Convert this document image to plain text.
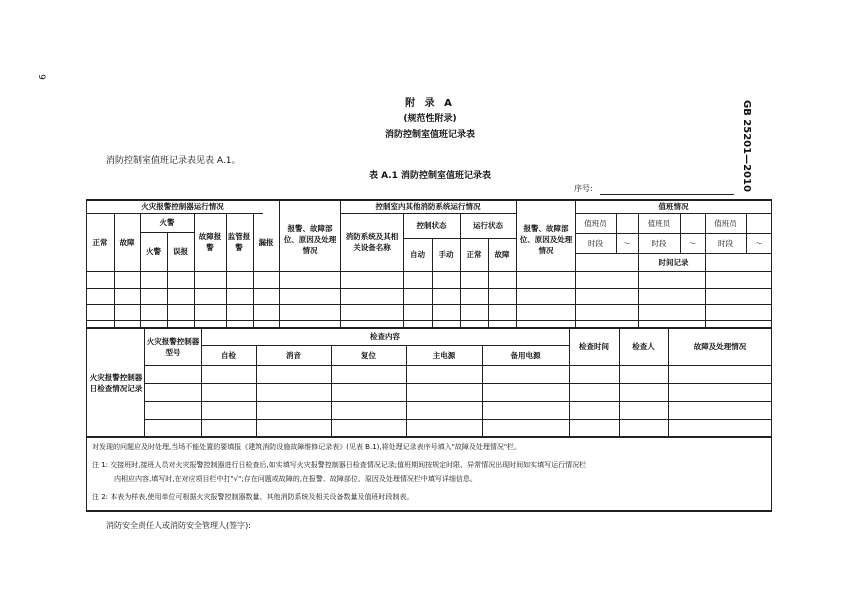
9
GB 25201—2010
附 录 A
(规范性附录)
消防控制室值班记录表
消防控制室值班记录表见表 A.1。
表 A.1 消防控制室值班记录表
序号:
火灾报警控制器运行情况
正常	故障
火警
火警	误报
故障报警
监管报警
漏报
报警、故障部位、原因及处理情况
控制室内其他消防系统运行情况
消防系统及其相关设备名称
控制状态
自动	手动
运行状态
正常	故障
报警、故障部位、原因及处理情况
值班情况
值班员	值班员	值班员
时段	～	时段	～	时段	～
时间记录
火灾报警控制器日检查情况记录
火灾报警控制器型号
检查内容
自检	消音	复位	主电源	备用电源
检查时间	检查人	故障及处理情况
对发现的问题应及时处理,当场不能处置的要填报《建筑消防设施故障维修记录表》(见表 B.1),将处理记录表序号填入"故障及处理情况"栏。
注 1: 交接班时,接班人员对火灾报警控制器进行日检查后,如实填写火灾报警控制器日检查情况记录;值班期间按规定时限、异常情况出现时间如实填写运行情况栏
内相应内容,填写时,在对应项目栏中打"√";存在问题或故障的,在报警、故障部位、原因及处理情况栏中填写详细信息。
注 2: 本表为样表,使用单位可根据火灾报警控制器数量、其他消防系统及相关设备数量及值班时段制表。
消防安全责任人或消防安全管理人(签字):
